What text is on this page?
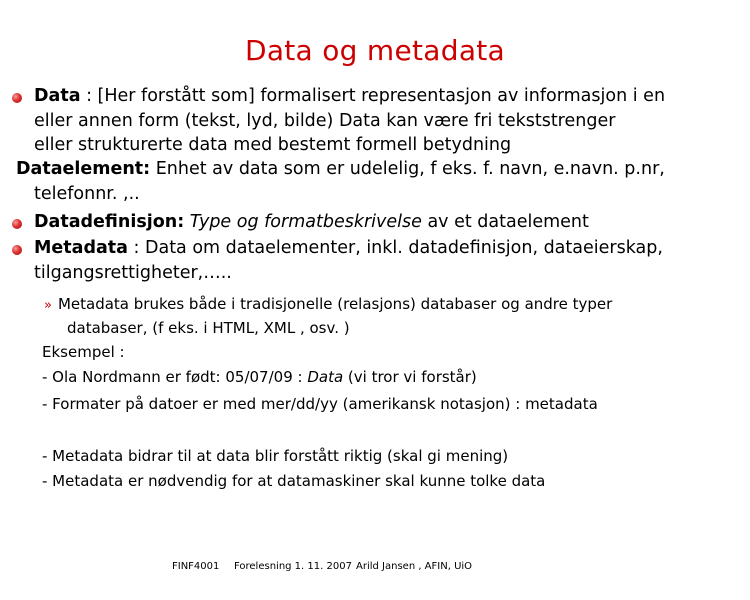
Data og metadata
Data : [Her forstått som] formalisert representasjon av informasjon i en
eller annen form (tekst, lyd, bilde) Data kan være fri tekststrenger
eller strukturerte data med bestemt formell betydning
Dataelement: Enhet av data som er udelelig, f eks. f. navn, e.navn. p.nr,
telefonnr. ,..
Datadefinisjon: Type og formatbeskrivelse av et dataelement
Metadata : Data om dataelementer, inkl. datadefinisjon, dataeierskap,
tilgangsrettigheter,…..
» Metadata brukes både i tradisjonelle (relasjons) databaser og andre typer
databaser, (f eks. i HTML, XML , osv. )
Eksempel :
- Ola Nordmann er født: 05/07/09 : Data (vi tror vi forstår)
- Formater på datoer er med mer/dd/yy (amerikansk notasjon) : metadata
- Metadata bidrar til at data blir forstått riktig (skal gi mening)
- Metadata er nødvendig for at datamaskiner skal kunne tolke data
FINF4001 Forelesning 1. 11. 2007 Arild Jansen , AFIN, UiO
